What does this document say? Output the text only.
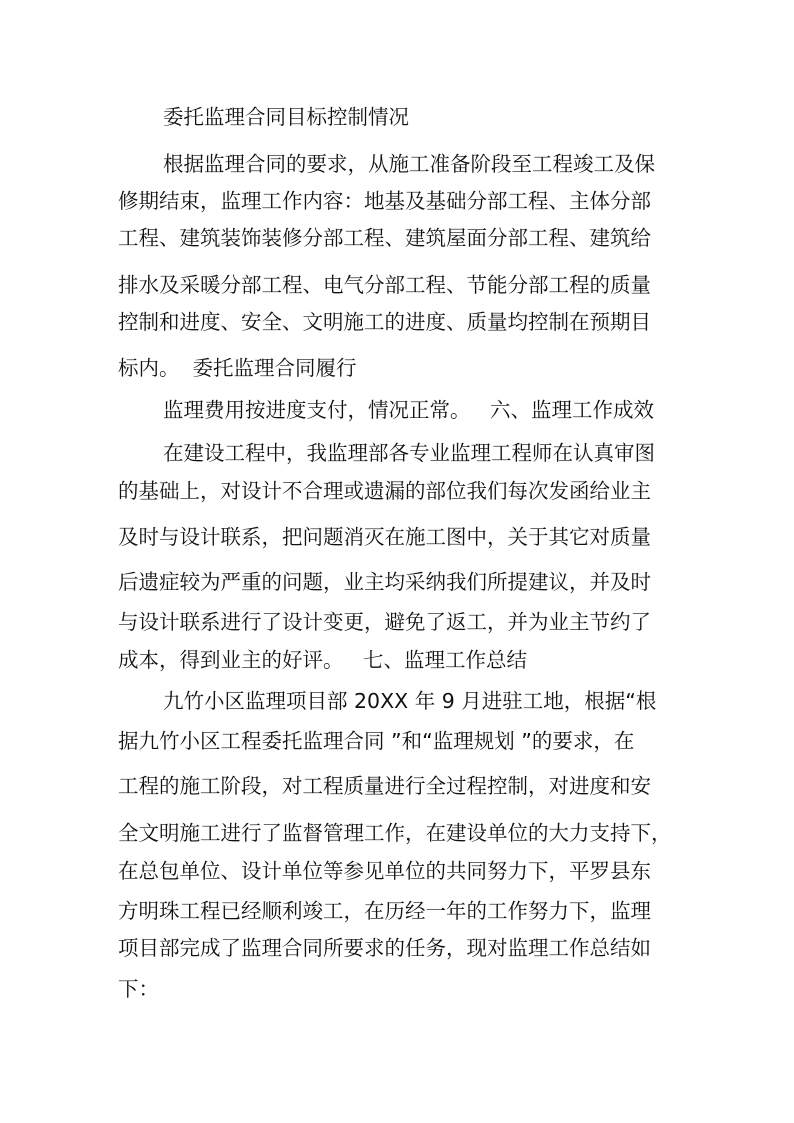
委托监理合同目标控制情况
根据监理合同的要求，从施工准备阶段至工程竣工及保
修期结束，监理工作内容：地基及基础分部工程、主体分部
工程、建筑装饰装修分部工程、建筑屋面分部工程、建筑给
排水及采暖分部工程、电气分部工程、节能分部工程的质量
控制和进度、安全、文明施工的进度、质量均控制在预期目
标内。  委托监理合同履行
监理费用按进度支付，情况正常。   六、监理工作成效
在建设工程中，我监理部各专业监理工程师在认真审图
的基础上，对设计不合理或遗漏的部位我们每次发函给业主
及时与设计联系，把问题消灭在施工图中，关于其它对质量
后遗症较为严重的问题，业主均采纳我们所提建议，并及时
与设计联系进行了设计变更，避免了返工，并为业主节约了
成本，得到业主的好评。   七、监理工作总结
九竹小区监理项目部 20XX 年 9 月进驻工地，根据“根
据九竹小区工程委托监理合同 ”和“监理规划 ”的要求，在
工程的施工阶段，对工程质量进行全过程控制，对进度和安
全文明施工进行了监督管理工作，在建设单位的大力支持下，
在总包单位、设计单位等参见单位的共同努力下，平罗县东
方明珠工程已经顺利竣工，在历经一年的工作努力下，监理
项目部完成了监理合同所要求的任务，现对监理工作总结如
下：
